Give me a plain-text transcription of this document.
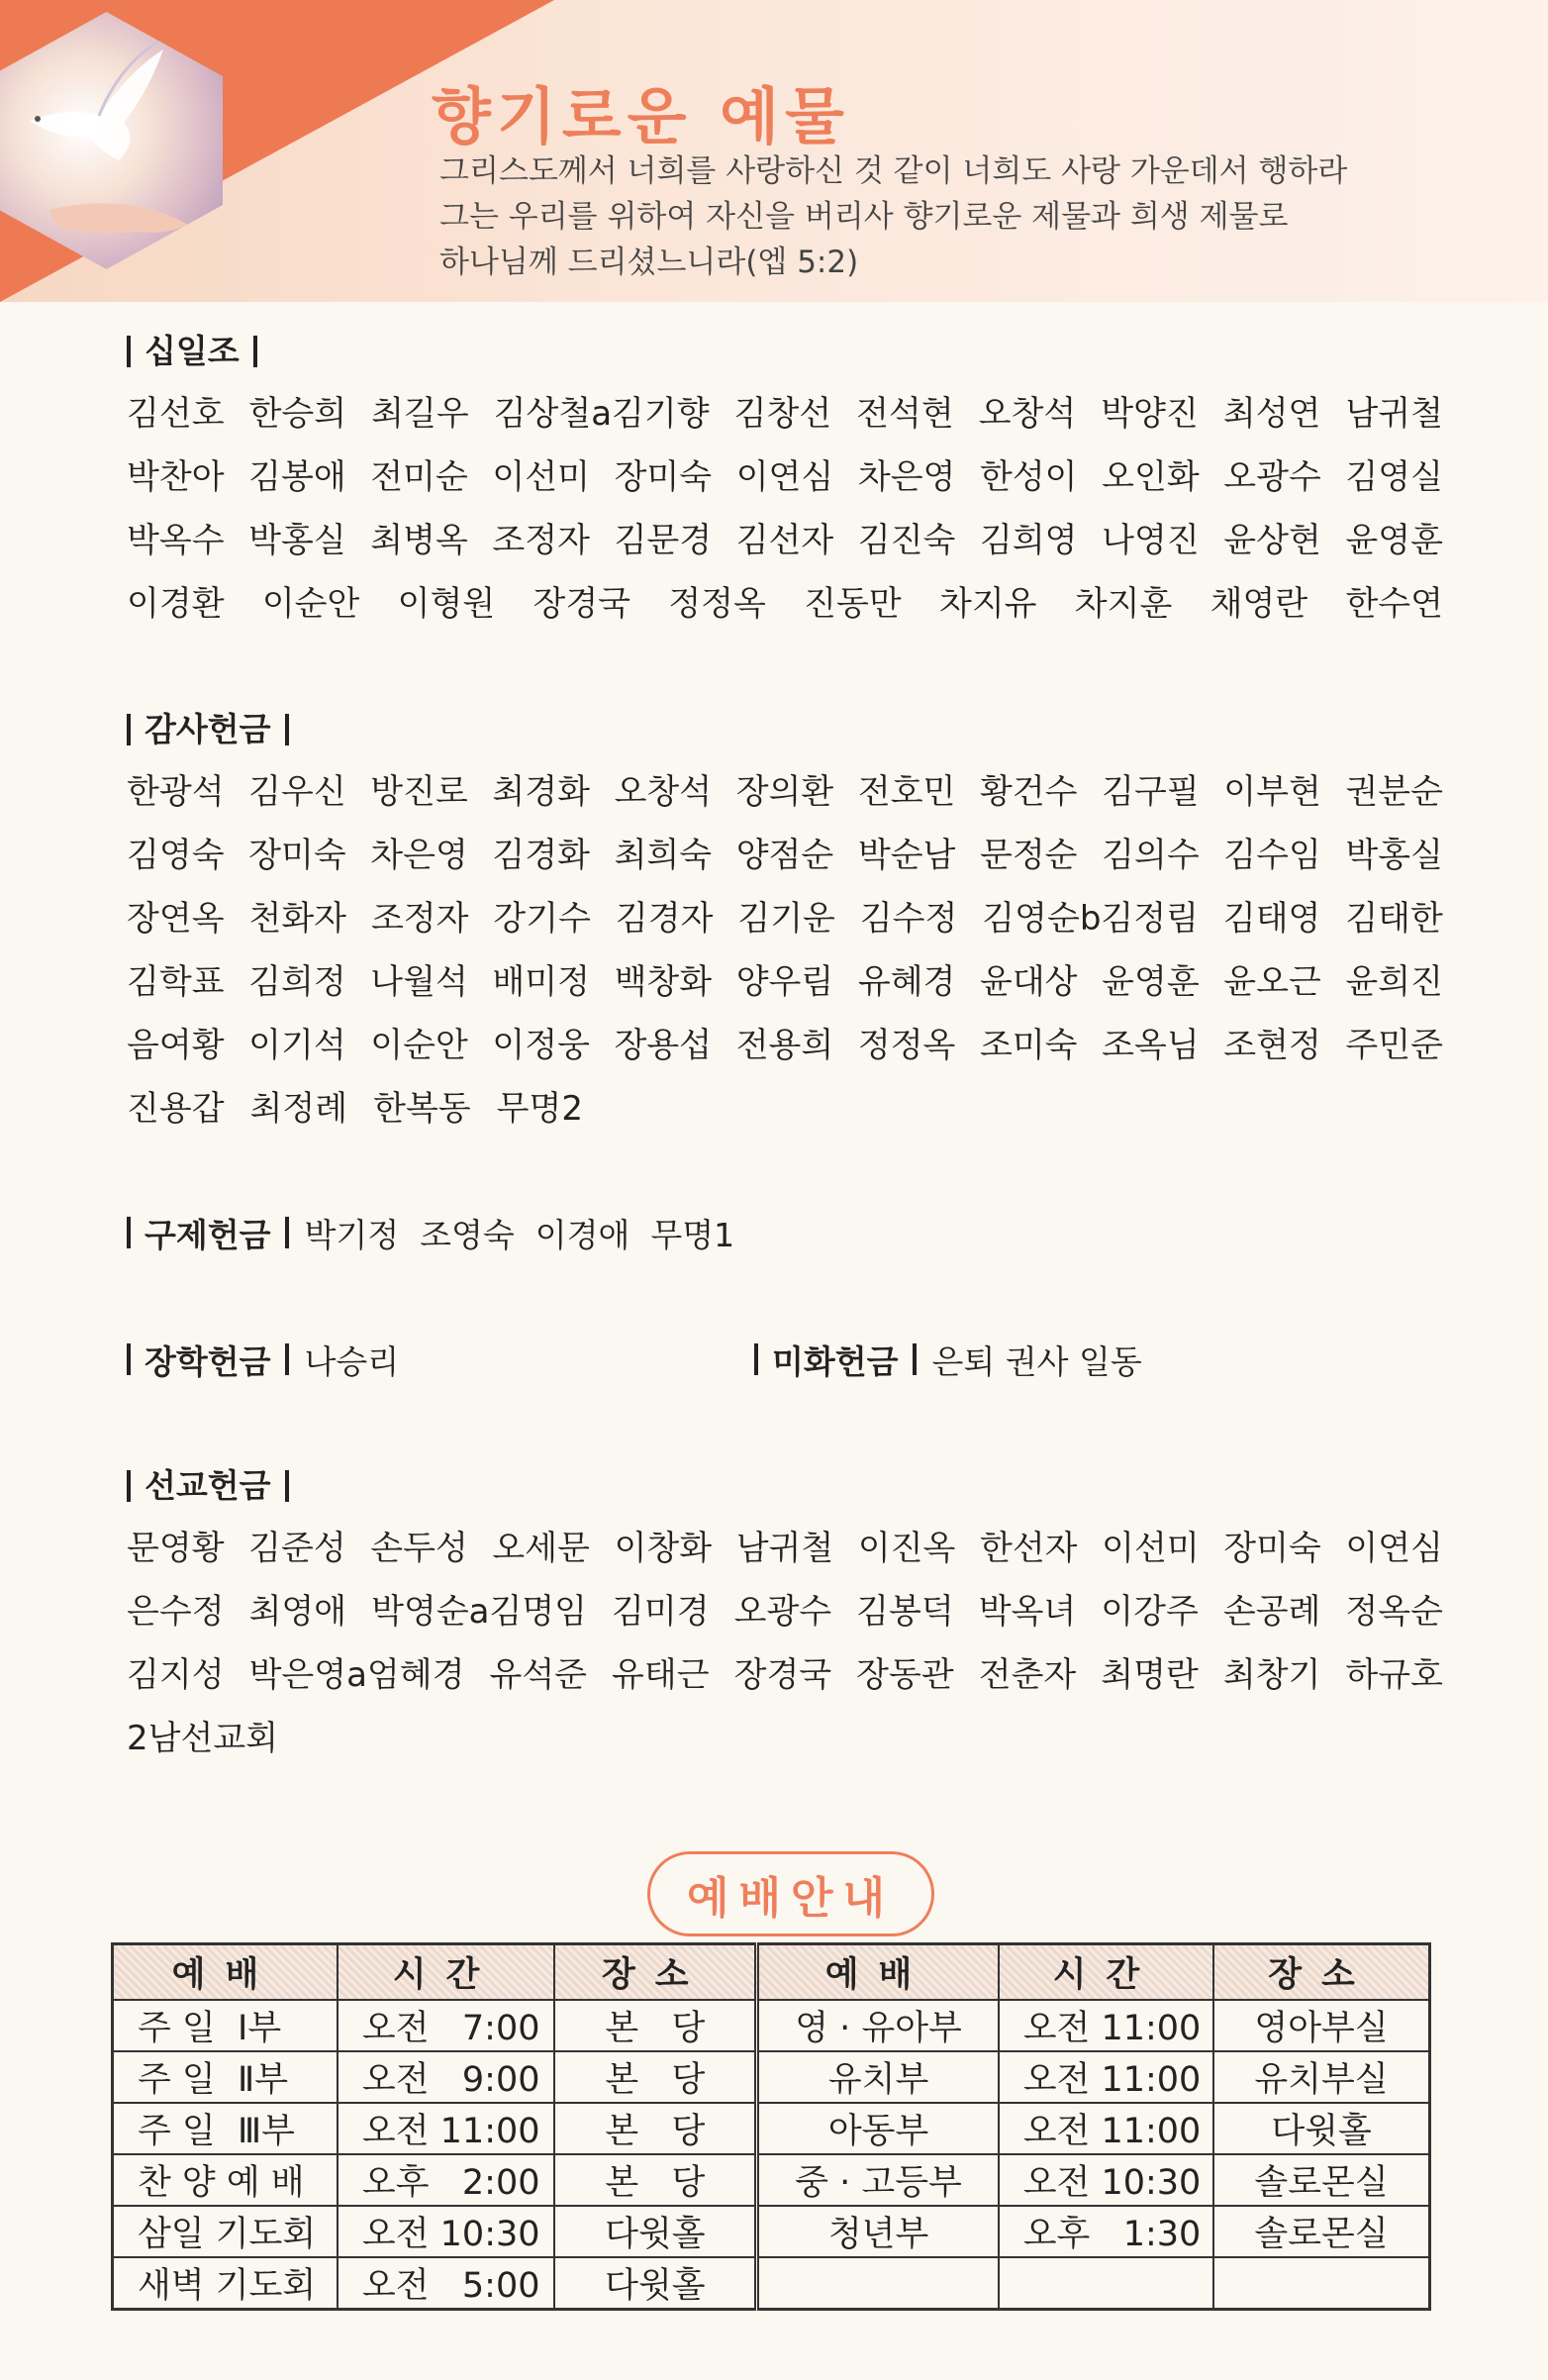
향기로운 예물
그리스도께서 너희를 사랑하신 것 같이 너희도 사랑 가운데서 행하라
그는 우리를 위하여 자신을 버리사 향기로운 제물과 희생 제물로
하나님께 드리셨느니라(엡 5:2)
십일조
김선호 한승희 최길우 김상철a김기향 김창선 전석현 오창석 박양진 최성연 남귀철
박찬아 김봉애 전미순 이선미 장미숙 이연심 차은영 한성이 오인화 오광수 김영실
박옥수 박홍실 최병옥 조정자 김문경 김선자 김진숙 김희영 나영진 윤상현 윤영훈
이경환 이순안 이형원 장경국 정정옥 진동만 차지유 차지훈 채영란 한수연
감사헌금
한광석 김우신 방진로 최경화 오창석 장의환 전호민 황건수 김구필 이부현 권분순
김영숙 장미숙 차은영 김경화 최희숙 양점순 박순남 문정순 김의수 김수임 박홍실
장연옥 천화자 조정자 강기수 김경자 김기운 김수정 김영순b김정림 김태영 김태한
김학표 김희정 나월석 배미정 백창화 양우림 유혜경 윤대상 윤영훈 윤오근 윤희진
음여황 이기석 이순안 이정웅 장용섭 전용희 정정옥 조미숙 조옥님 조현정 주민준
진용갑 최정례 한복동 무명2
구제헌금 박기정  조영숙  이경애  무명1
장학헌금 나승리	미화헌금 은퇴 권사 일동
선교헌금
문영황 김준성 손두성 오세문 이창화 남귀철 이진옥 한선자 이선미 장미숙 이연심
은수정 최영애 박영순a김명임 김미경 오광수 김봉덕 박옥녀 이강주 손공례 정옥순
김지성 박은영a엄혜경 유석준 유태근 장경국 장동관 전춘자 최명란 최창기 하규호
2남선교회
예배안내
예배	시간	장소	예배	시간	장소
주 일  Ⅰ부	오전   7:00	본   당	영 · 유아부	오전 11:00	영아부실
주 일  Ⅱ부	오전   9:00	본   당	유치부	오전 11:00	유치부실
주 일  Ⅲ부	오전 11:00	본   당	아동부	오전 11:00	다윗홀
찬 양 예 배	오후   2:00	본   당	중 · 고등부	오전 10:30	솔로몬실
삼일 기도회	오전 10:30	다윗홀	청년부	오후   1:30	솔로몬실
새벽 기도회	오전   5:00	다윗홀			
